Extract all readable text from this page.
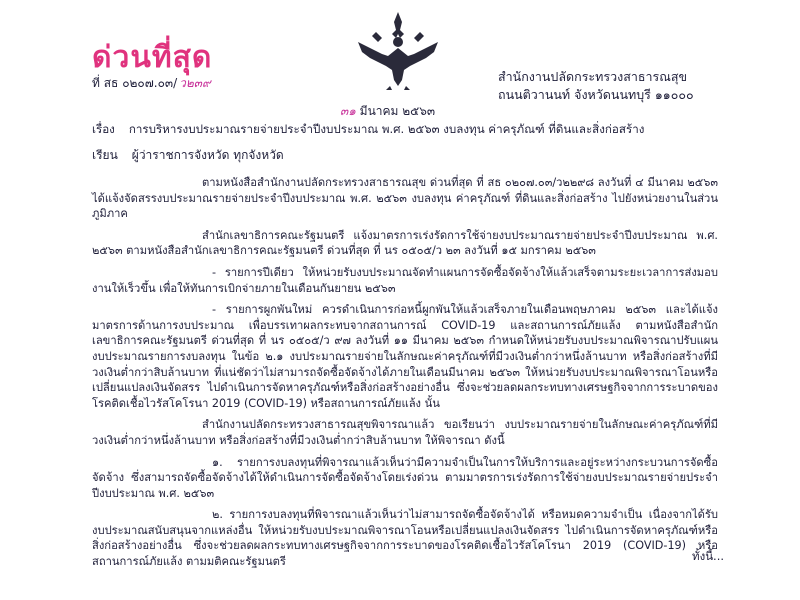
ด่วนที่สุด
ที่ สธ ๐๒๐๗.๐๓/ ว๒๓๙	สำนักงานปลัดกระทรวงสาธารณสุข
ถนนติวานนท์ จังหวัดนนทบุรี ๑๑๐๐๐
๓๑ มีนาคม ๒๕๖๓
เรื่อง การบริหารงบประมาณรายจ่ายประจำปีงบประมาณ พ.ศ. ๒๕๖๓ งบลงทุน ค่าครุภัณฑ์ ที่ดินและสิ่งก่อสร้าง
เรียน ผู้ว่าราชการจังหวัด ทุกจังหวัด

ตามหนังสือสำนักงานปลัดกระทรวงสาธารณสุข ด่วนที่สุด ที่ สธ ๐๒๐๗.๐๓/ว๒๒๙๘ ลงวันที่ ๔ มีนาคม ๒๕๖๓ ได้แจ้งจัดสรรงบประมาณรายจ่ายประจำปีงบประมาณ พ.ศ. ๒๕๖๓ งบลงทุน ค่าครุภัณฑ์ ที่ดินและสิ่งก่อสร้าง ไปยังหน่วยงานในส่วนภูมิภาค

สำนักเลขาธิการคณะรัฐมนตรี แจ้งมาตรการเร่งรัดการใช้จ่ายงบประมาณรายจ่ายประจำปีงบประมาณ พ.ศ. ๒๕๖๓ ตามหนังสือสำนักเลขาธิการคณะรัฐมนตรี ด่วนที่สุด ที่ นร ๐๕๐๕/ว ๒๓ ลงวันที่ ๑๕ มกราคม ๒๕๖๓

- รายการปีเดียว ให้หน่วยรับงบประมาณจัดทำแผนการจัดซื้อจัดจ้างให้แล้วเสร็จตามระยะเวลาการส่งมอบงานให้เร็วขึ้น เพื่อให้ทันการเบิกจ่ายภายในเดือนกันยายน ๒๕๖๓

- รายการผูกพันใหม่ ควรดำเนินการก่อหนี้ผูกพันให้แล้วเสร็จภายในเดือนพฤษภาคม ๒๕๖๓ และได้แจ้งมาตรการด้านการงบประมาณ เพื่อบรรเทาผลกระทบจากสถานการณ์ COVID-19 และสถานการณ์ภัยแล้ง ตามหนังสือสำนักเลขาธิการคณะรัฐมนตรี ด่วนที่สุด ที่ นร ๐๕๐๕/ว ๙๗ ลงวันที่ ๑๑ มีนาคม ๒๕๖๓ กำหนดให้หน่วยรับงบประมาณพิจารณาปรับแผนงบประมาณรายการงบลงทุน ในข้อ ๒.๑ งบประมาณรายจ่ายในลักษณะค่าครุภัณฑ์ที่มีวงเงินต่ำกว่าหนึ่งล้านบาท หรือสิ่งก่อสร้างที่มีวงเงินต่ำกว่าสิบล้านบาท ที่แน่ชัดว่าไม่สามารถจัดซื้อจัดจ้างได้ภายในเดือนมีนาคม ๒๕๖๓ ให้หน่วยรับงบประมาณพิจารณาโอนหรือเปลี่ยนแปลงเงินจัดสรร ไปดำเนินการจัดหาครุภัณฑ์หรือสิ่งก่อสร้างอย่างอื่น ซึ่งจะช่วยลดผลกระทบทางเศรษฐกิจจากการระบาดของโรคติดเชื้อไวรัสโคโรนา 2019 (COVID-19) หรือสถานการณ์ภัยแล้ง นั้น

สำนักงานปลัดกระทรวงสาธารณสุขพิจารณาแล้ว ขอเรียนว่า งบประมาณรายจ่ายในลักษณะค่าครุภัณฑ์ที่มีวงเงินต่ำกว่าหนึ่งล้านบาท หรือสิ่งก่อสร้างที่มีวงเงินต่ำกว่าสิบล้านบาท ให้พิจารณา ดังนี้

๑. รายการงบลงทุนที่พิจารณาแล้วเห็นว่ามีความจำเป็นในการให้บริการและอยู่ระหว่างกระบวนการจัดซื้อจัดจ้าง ซึ่งสามารถจัดซื้อจัดจ้างได้ให้ดำเนินการจัดซื้อจัดจ้างโดยเร่งด่วน ตามมาตรการเร่งรัดการใช้จ่ายงบประมาณรายจ่ายประจำปีงบประมาณ พ.ศ. ๒๕๖๓

๒. รายการงบลงทุนที่พิจารณาแล้วเห็นว่าไม่สามารถจัดซื้อจัดจ้างได้ หรือหมดความจำเป็น เนื่องจากได้รับงบประมาณสนับสนุนจากแหล่งอื่น ให้หน่วยรับงบประมาณพิจารณาโอนหรือเปลี่ยนแปลงเงินจัดสรร ไปดำเนินการจัดหาครุภัณฑ์หรือสิ่งก่อสร้างอย่างอื่น ซึ่งจะช่วยลดผลกระทบทางเศรษฐกิจจากการระบาดของโรคติดเชื้อไวรัสโคโรนา 2019 (COVID-19) หรือสถานการณ์ภัยแล้ง ตามมติคณะรัฐมนตรี	ทั้งนี้...
